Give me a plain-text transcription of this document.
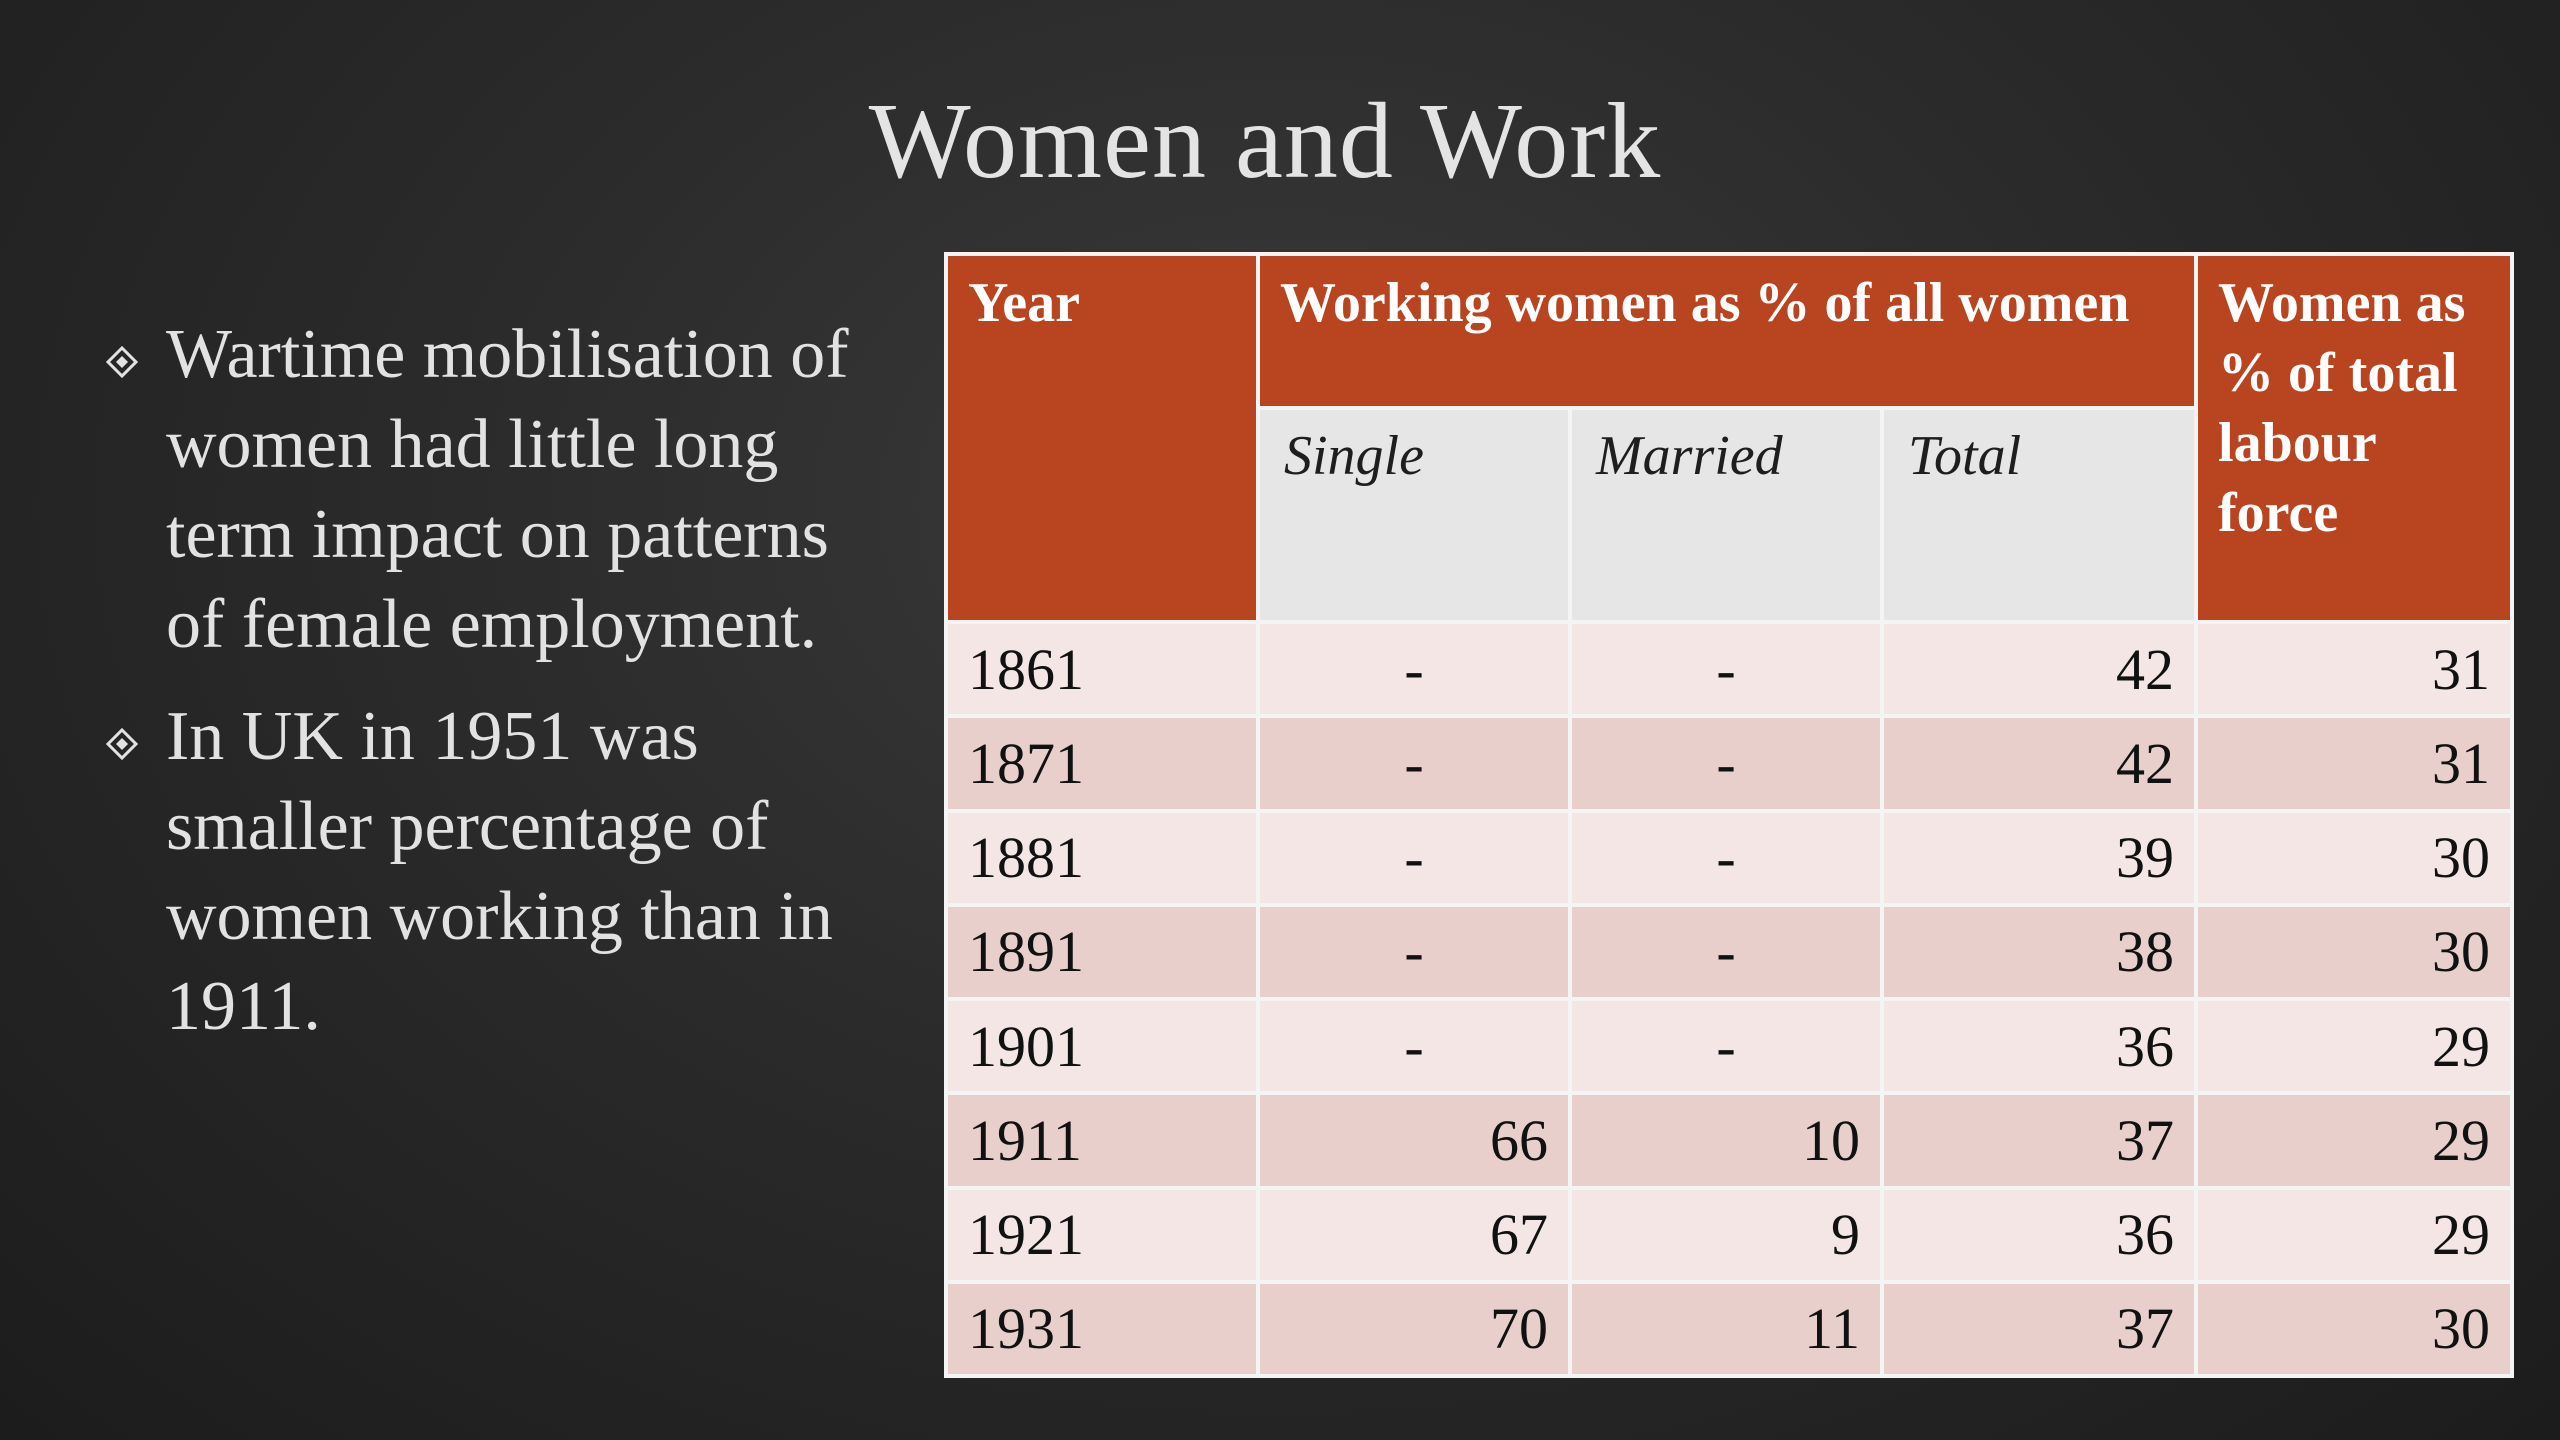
Women and Work
Wartime mobilisation of women had little long term impact on patterns of female employment.
In UK in 1951 was smaller percentage of women working than in 1911.
Year	Working women as % of all women			Women as % of total labour force
	Single	Married	Total	
1861	-	-	42	31
1871	-	-	42	31
1881	-	-	39	30
1891	-	-	38	30
1901	-	-	36	29
1911	66	10	37	29
1921	67	9	36	29
1931	70	11	37	30
